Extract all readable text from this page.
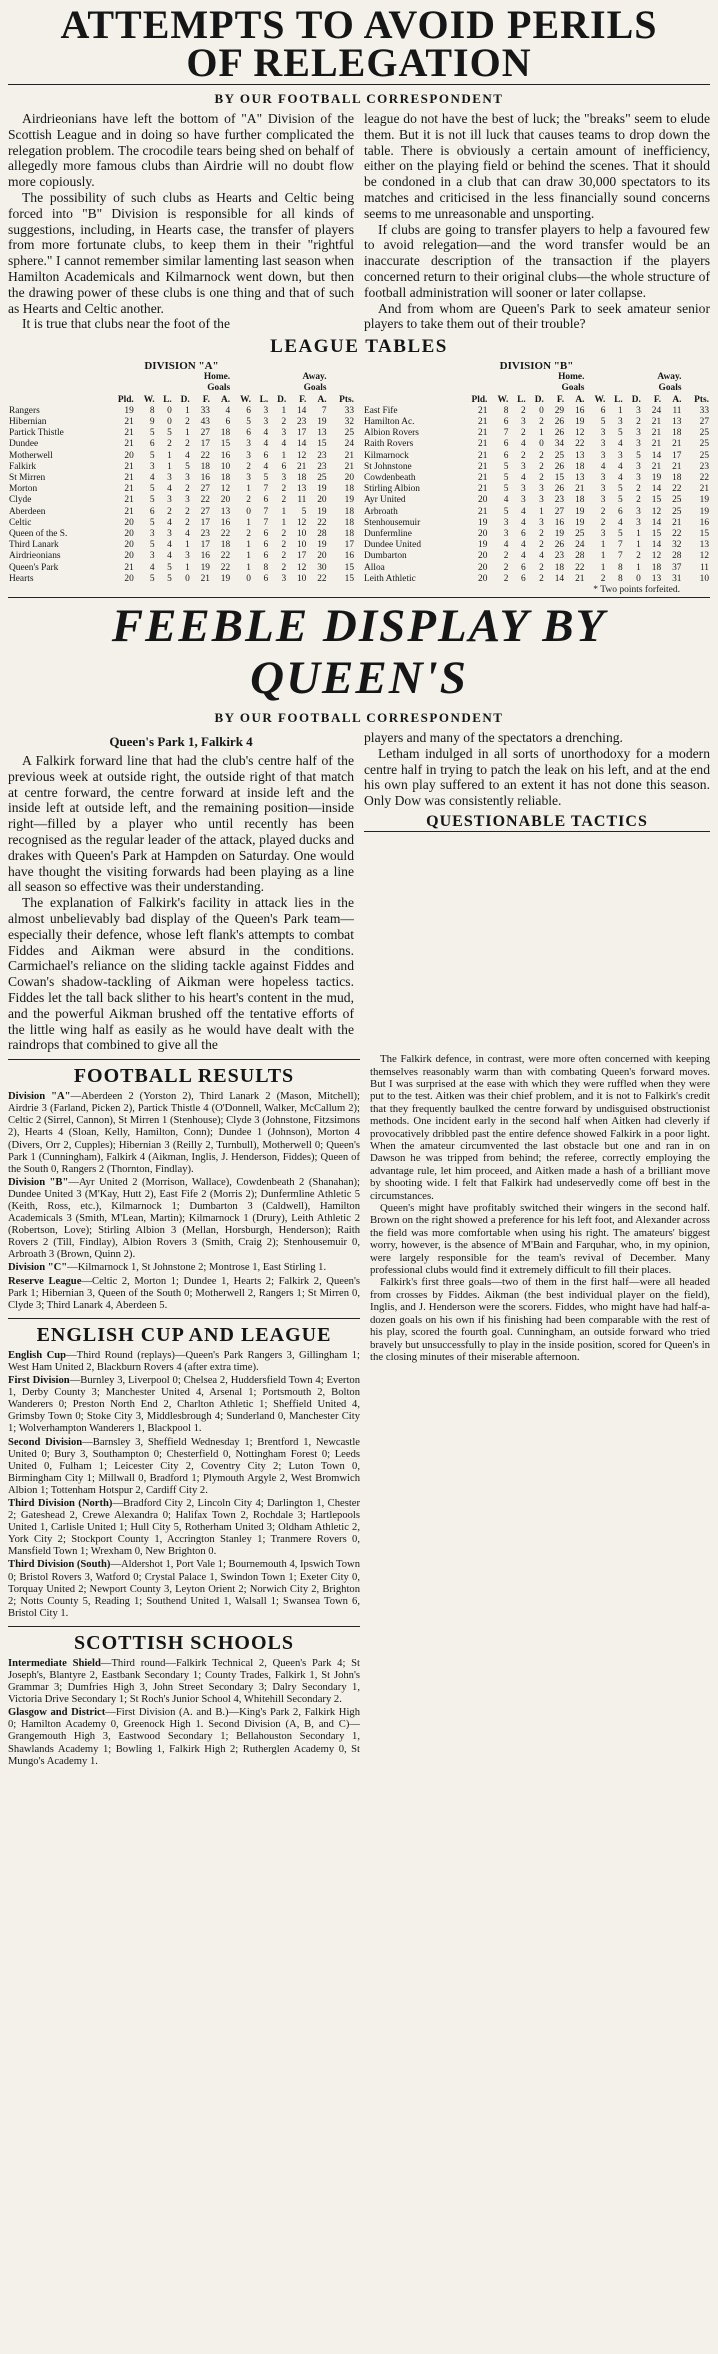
ATTEMPTS TO AVOID PERILS
OF RELEGATION
BY OUR FOOTBALL CORRESPONDENT

Airdrieonians have left the bottom of "A" Division of the Scottish League and in doing so have further complicated the relegation problem. The crocodile tears being shed on behalf of allegedly more famous clubs than Airdrie will no doubt flow more copiously.

The possibility of such clubs as Hearts and Celtic being forced into "B" Division is responsible for all kinds of suggestions, including, in Hearts case, the transfer of players from more fortunate clubs, to keep them in their "rightful sphere." I cannot remember similar lamenting last season when Hamilton Academicals and Kilmarnock went down, but then the drawing power of these clubs is one thing and that of such as Hearts and Celtic another.

It is true that clubs near the foot of the

league do not have the best of luck; the "breaks" seem to elude them. But it is not ill luck that causes teams to drop down the table. There is obviously a certain amount of inefficiency, either on the playing field or behind the scenes. That it should be condoned in a club that can draw 30,000 spectators to its matches and criticised in the less financially sound concerns seems to me unreasonable and unsporting.

If clubs are going to transfer players to help a favoured few to avoid relegation—and the word transfer would be an inaccurate description of the transaction if the players concerned return to their original clubs—the whole structure of football administration will sooner or later collapse.

And from whom are Queen's Park to seek amateur senior players to take them out of their trouble?

LEAGUE TABLES
DIVISION "A"
		Home.					Away.					
					Goals					Goals		
	Pld.	W.	L.	D.	F.	A.	W.	L.	D.	F.	A.	Pts.
Rangers	19	8	0	1	33	4	6	3	1	14	7	33
Hibernian	21	9	0	2	43	6	5	3	2	23	19	32
Partick Thistle	21	5	5	1	27	18	6	4	3	17	13	25
Dundee	21	6	2	2	17	15	3	4	4	14	15	24
Motherwell	20	5	1	4	22	16	3	6	1	12	23	21
Falkirk	21	3	1	5	18	10	2	4	6	21	23	21
St Mirren	21	4	3	3	16	18	3	5	3	18	25	20
Morton	21	5	4	2	27	12	1	7	2	13	19	18
Clyde	21	5	3	3	22	20	2	6	2	11	20	19
Aberdeen	21	6	2	2	27	13	0	7	1	5	19	18
Celtic	20	5	4	2	17	16	1	7	1	12	22	18
Queen of the S.	20	3	3	4	23	22	2	6	2	10	28	18
Third Lanark	20	5	4	1	17	18	1	6	2	10	19	17
Airdrieonians	20	3	4	3	16	22	1	6	2	17	20	16
Queen's Park	21	4	5	1	19	22	1	8	2	12	30	15
Hearts	20	5	5	0	21	19	0	6	3	10	22	15
DIVISION "B"
		Home.					Away.					
					Goals					Goals		
	Pld.	W.	L.	D.	F.	A.	W.	L.	D.	F.	A.	Pts.
East Fife	21	8	2	0	29	16	6	1	3	24	11	33
Hamilton Ac.	21	6	3	2	26	19	5	3	2	21	13	27
Albion Rovers	21	7	2	1	26	12	3	5	3	21	18	25
Raith Rovers	21	6	4	0	34	22	3	4	3	21	21	25
Kilmarnock	21	6	2	2	25	13	3	3	5	14	17	25
St Johnstone	21	5	3	2	26	18	4	4	3	21	21	23
Cowdenbeath	21	5	4	2	15	13	3	4	3	19	18	22
Stirling Albion	21	5	3	3	26	21	3	5	2	14	22	21
Ayr United	20	4	3	3	23	18	3	5	2	15	25	19
Arbroath	21	5	4	1	27	19	2	6	3	12	25	19
Stenhousemuir	19	3	4	3	16	19	2	4	3	14	21	16
Dunfermline	20	3	6	2	19	25	3	5	1	15	22	15
Dundee United	19	4	4	2	26	24	1	7	1	14	32	13
Dumbarton	20	2	4	4	23	28	1	7	2	12	28	12
Alloa	20	2	6	2	18	22	1	8	1	18	37	11
Leith Athletic	20	2	6	2	14	21	2	8	0	13	31	10
* Two points forfeited.
FEEBLE DISPLAY BY QUEEN'S
BY OUR FOOTBALL CORRESPONDENT
Queen's Park 1, Falkirk 4

A Falkirk forward line that had the club's centre half of the previous week at outside right, the outside right of that match at centre forward, the centre forward at inside left and the inside left at outside left, and the remaining position—inside right—filled by a player who until recently has been recognised as the regular leader of the attack, played ducks and drakes with Queen's Park at Hampden on Saturday. One would have thought the visiting forwards had been playing as a line all season so effective was their understanding.

The explanation of Falkirk's facility in attack lies in the almost unbelievably bad display of the Queen's Park team—especially their defence, whose left flank's attempts to combat Fiddes and Aikman were absurd in the conditions. Carmichael's reliance on the sliding tackle against Fiddes and Cowan's shadow-tackling of Aikman were hopeless tactics. Fiddes let the tall back slither to his heart's content in the mud, and the powerful Aikman brushed off the tentative efforts of the little wing half as easily as he would have dealt with the raindrops that combined to give all the

players and many of the spectators a drenching.

Letham indulged in all sorts of unorthodoxy for a modern centre half in trying to patch the leak on his left, and at the end his own play suffered to an extent it has not done this season. Only Dow was consistently reliable.

QUESTIONABLE TACTICS
FOOTBALL RESULTS

Division "A"—Aberdeen 2 (Yorston 2), Third Lanark 2 (Mason, Mitchell); Airdrie 3 (Farland, Picken 2), Partick Thistle 4 (O'Donnell, Walker, McCallum 2); Celtic 2 (Sirrel, Cannon), St Mirren 1 (Stenhouse); Clyde 3 (Johnstone, Fitzsimons 2), Hearts 4 (Sloan, Kelly, Hamilton, Conn); Dundee 1 (Johnson), Morton 4 (Divers, Orr 2, Cupples); Hibernian 3 (Reilly 2, Turnbull), Motherwell 0; Queen's Park 1 (Cunningham), Falkirk 4 (Aikman, Inglis, J. Henderson, Fiddes); Queen of the South 0, Rangers 2 (Thornton, Findlay).

Division "B"—Ayr United 2 (Morrison, Wallace), Cowdenbeath 2 (Shanahan); Dundee United 3 (M'Kay, Hutt 2), East Fife 2 (Morris 2); Dunfermline Athletic 5 (Keith, Ross, etc.), Kilmarnock 1; Dumbarton 3 (Caldwell), Hamilton Academicals 3 (Smith, M'Lean, Martin); Kilmarnock 1 (Drury), Leith Athletic 2 (Robertson, Love); Stirling Albion 3 (Mellan, Horsburgh, Henderson); Raith Rovers 2 (Till, Findlay), Albion Rovers 3 (Smith, Craig 2); Stenhousemuir 0, Arbroath 3 (Brown, Quinn 2).

Division "C"—Kilmarnock 1, St Johnstone 2; Montrose 1, East Stirling 1.

Reserve League—Celtic 2, Morton 1; Dundee 1, Hearts 2; Falkirk 2, Queen's Park 1; Hibernian 3, Queen of the South 0; Motherwell 2, Rangers 1; St Mirren 0, Clyde 3; Third Lanark 4, Aberdeen 5.

ENGLISH CUP AND LEAGUE

English Cup—Third Round (replays)—Queen's Park Rangers 3, Gillingham 1; West Ham United 2, Blackburn Rovers 4 (after extra time).

First Division—Burnley 3, Liverpool 0; Chelsea 2, Huddersfield Town 4; Everton 1, Derby County 3; Manchester United 4, Arsenal 1; Portsmouth 2, Bolton Wanderers 0; Preston North End 2, Charlton Athletic 1; Sheffield United 4, Grimsby Town 0; Stoke City 3, Middlesbrough 4; Sunderland 0, Manchester City 1; Wolverhampton Wanderers 1, Blackpool 1.

Second Division—Barnsley 3, Sheffield Wednesday 1; Brentford 1, Newcastle United 0; Bury 3, Southampton 0; Chesterfield 0, Nottingham Forest 0; Leeds United 0, Fulham 1; Leicester City 2, Coventry City 2; Luton Town 0, Birmingham City 1; Millwall 0, Bradford 1; Plymouth Argyle 2, West Bromwich Albion 1; Tottenham Hotspur 2, Cardiff City 2.

Third Division (North)—Bradford City 2, Lincoln City 4; Darlington 1, Chester 2; Gateshead 2, Crewe Alexandra 0; Halifax Town 2, Rochdale 3; Hartlepools United 1, Carlisle United 1; Hull City 5, Rotherham United 3; Oldham Athletic 2, York City 2; Stockport County 1, Accrington Stanley 1; Tranmere Rovers 0, Mansfield Town 1; Wrexham 0, New Brighton 0.

Third Division (South)—Aldershot 1, Port Vale 1; Bournemouth 4, Ipswich Town 0; Bristol Rovers 3, Watford 0; Crystal Palace 1, Swindon Town 1; Exeter City 0, Torquay United 2; Newport County 3, Leyton Orient 2; Norwich City 2, Brighton 2; Notts County 5, Reading 1; Southend United 1, Walsall 1; Swansea Town 6, Bristol City 1.

SCOTTISH SCHOOLS

Intermediate Shield—Third round—Falkirk Technical 2, Queen's Park 4; St Joseph's, Blantyre 2, Eastbank Secondary 1; County Trades, Falkirk 1, St John's Grammar 3; Dumfries High 3, John Street Secondary 3; Dalry Secondary 1, Victoria Drive Secondary 1; St Roch's Junior School 4, Whitehill Secondary 2.

Glasgow and District—First Division (A. and B.)—King's Park 2, Falkirk High 0; Hamilton Academy 0, Greenock High 1. Second Division (A, B, and C)—Grangemouth High 3, Eastwood Secondary 1; Bellahouston Secondary 1, Shawlands Academy 1; Bowling 1, Falkirk High 2; Rutherglen Academy 0, St Mungo's Academy 1.

The Falkirk defence, in contrast, were more often concerned with keeping themselves reasonably warm than with combating Queen's forward moves. But I was surprised at the ease with which they were ruffled when they were put to the test. Aitken was their chief problem, and it is not to Falkirk's credit that they frequently baulked the centre forward by undisguised obstructionist methods. One incident early in the second half when Aitken had cleverly if provocatively dribbled past the entire defence showed Falkirk in a poor light. When the amateur circumvented the last obstacle but one and ran in on Dawson he was tripped from behind; the referee, correctly employing the advantage rule, let him proceed, and Aitken made a hash of a brilliant move by shooting wide. I felt that Falkirk had undeservedly come off best in the circumstances.

Queen's might have profitably switched their wingers in the second half. Brown on the right showed a preference for his left foot, and Alexander across the field was more comfortable when using his right. The amateurs' biggest worry, however, is the absence of M'Bain and Farquhar, who, in my opinion, were largely responsible for the team's revival of December. Many professional clubs would find it extremely difficult to fill their places.

Falkirk's first three goals—two of them in the first half—were all headed from crosses by Fiddes. Aikman (the best individual player on the field), Inglis, and J. Henderson were the scorers. Fiddes, who might have had half-a-dozen goals on his own if his finishing had been comparable with the rest of his play, scored the fourth goal. Cunningham, an outside forward who tried bravely but unsuccessfully to play in the inside position, scored for Queen's in the closing minutes of their miserable afternoon.
